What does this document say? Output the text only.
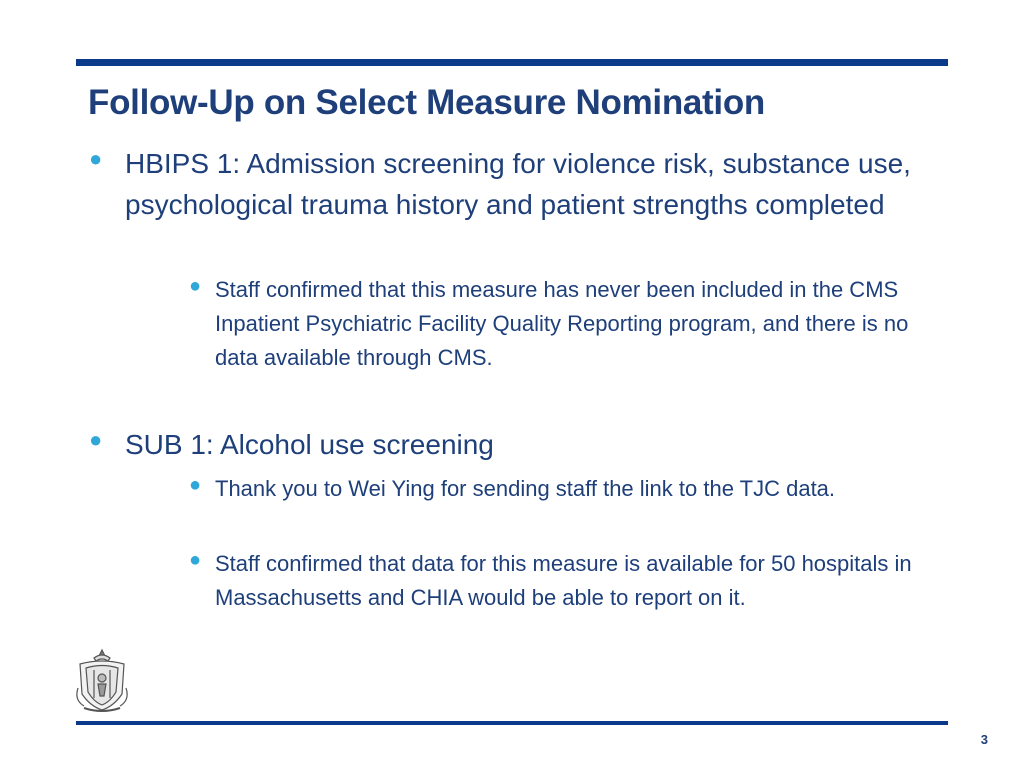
Follow-Up on Select Measure Nomination
● HBIPS 1: Admission screening for violence risk, substance use, psychological trauma history and patient strengths completed
● Staff confirmed that this measure has never been included in the CMS Inpatient Psychiatric Facility Quality Reporting program, and there is no data available through CMS.
● SUB 1: Alcohol use screening
● Thank you to Wei Ying for sending staff the link to the TJC data.
● Staff confirmed that data for this measure is available for 50 hospitals in Massachusetts and CHIA would be able to report on it.
3
